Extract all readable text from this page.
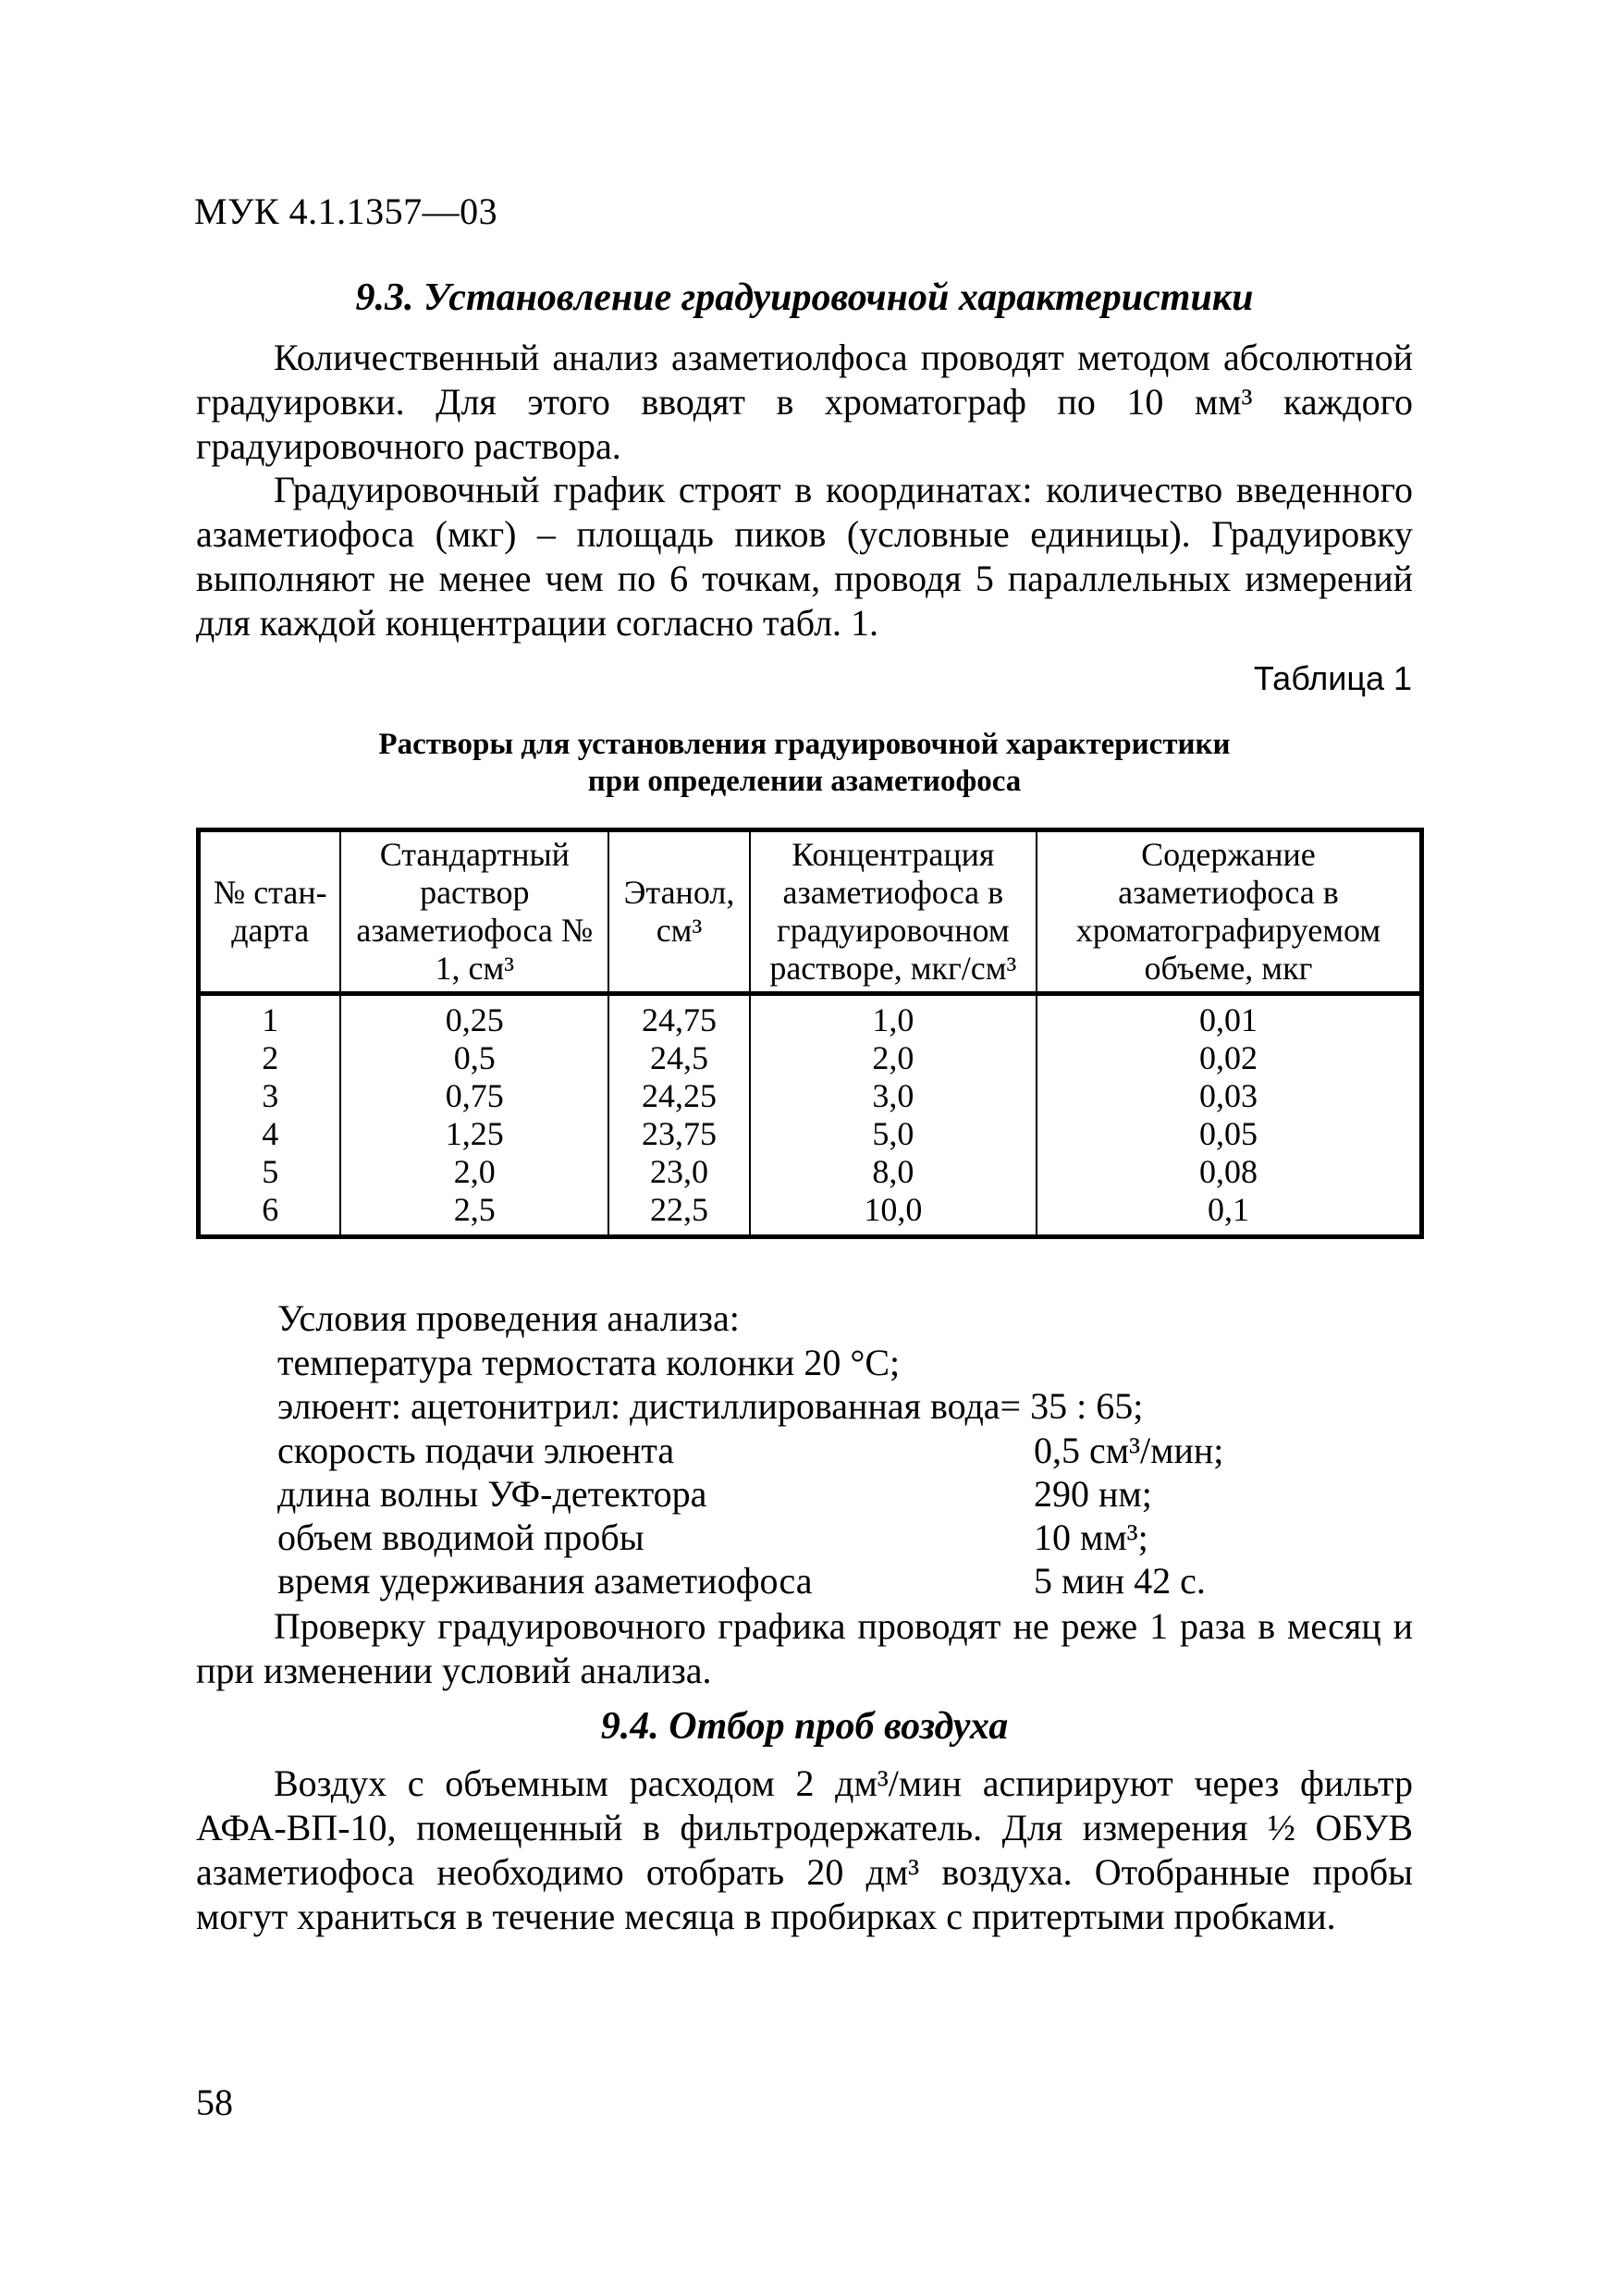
МУК 4.1.1357—03
9.3. Установление градуировочной характеристики
Количественный анализ азаметиолфоса проводят методом абсолютной градуировки. Для этого вводят в хроматограф по 10 мм³ каждого градуировочного раствора.
Градуировочный график строят в координатах: количество введенного азаметиофоса (мкг) – площадь пиков (условные единицы). Градуировку выполняют не менее чем по 6 точкам, проводя 5 параллельных измерений для каждой концентрации согласно табл. 1.
Таблица 1
Растворы для установления градуировочной характеристики
при определении азаметиофоса
№ стан-дарта	Стандартный раствор азаметиофоса № 1, см³	Этанол, см³	Концентрация азаметиофоса в градуировочном растворе, мкг/см³	Содержание азаметиофоса в хроматографируемом объеме, мкг
1	0,25	24,75	1,0	0,01
2	0,5	24,5	2,0	0,02
3	0,75	24,25	3,0	0,03
4	1,25	23,75	5,0	0,05
5	2,0	23,0	8,0	0,08
6	2,5	22,5	10,0	0,1
Условия проведения анализа:
температура термостата колонки 20 °С;
элюент: ацетонитрил: дистиллированная вода= 35 : 65;
скорость подачи элюента	0,5 см³/мин;
длина волны УФ-детектора	290 нм;
объем вводимой пробы	10 мм³;
время удерживания азаметиофоса	5 мин 42 с.
Проверку градуировочного графика проводят не реже 1 раза в месяц и при изменении условий анализа.
9.4. Отбор проб воздуха
Воздух с объемным расходом 2 дм³/мин аспирируют через фильтр АФА-ВП-10, помещенный в фильтродержатель. Для измерения ½ ОБУВ азаметиофоса необходимо отобрать 20 дм³ воздуха. Отобранные пробы могут храниться в течение месяца в пробирках с притертыми пробками.
58
